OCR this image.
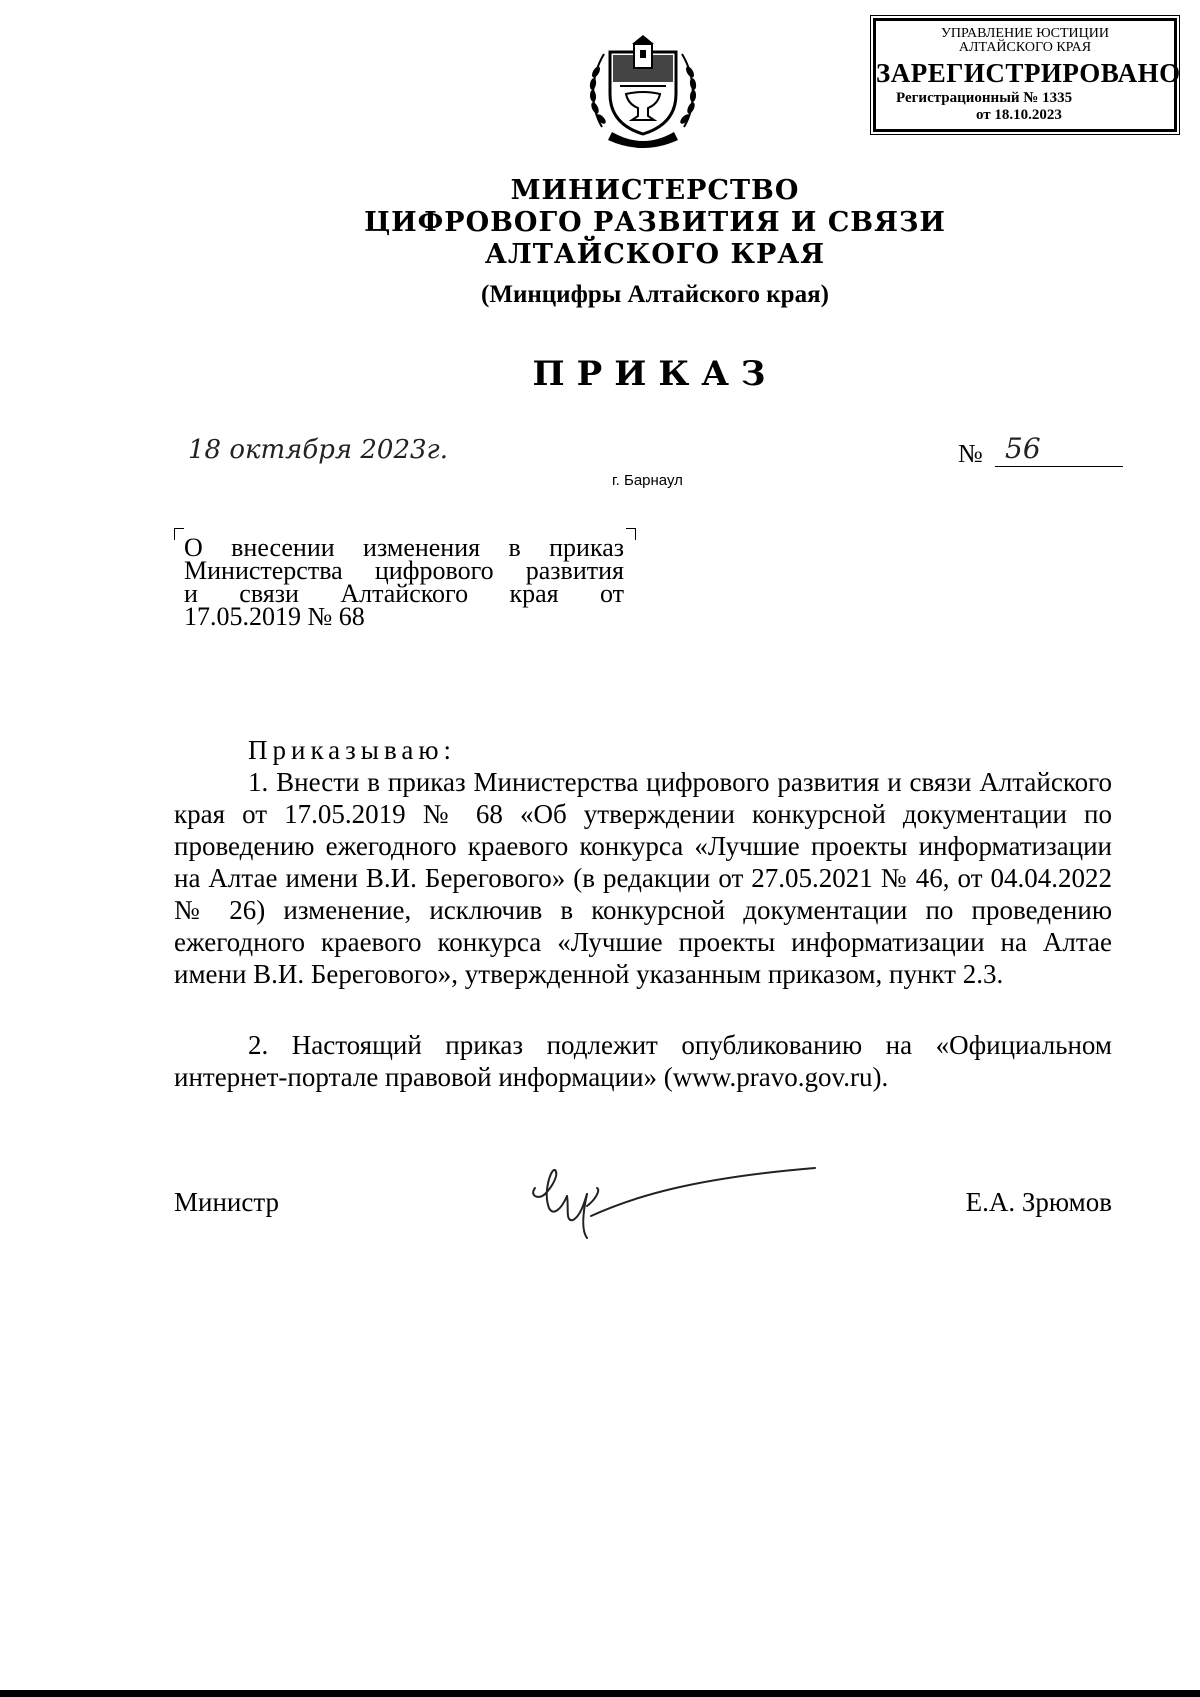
УПРАВЛЕНИЕ ЮСТИЦИИ
АЛТАЙСКОГО КРАЯ
ЗАРЕГИСТРИРОВАНО
Регистрационный № 1335
от 18.10.2023
МИНИСТЕРСТВО
ЦИФРОВОГО РАЗВИТИЯ И СВЯЗИ
АЛТАЙСКОГО КРАЯ
(Минцифры Алтайского края)
ПРИКАЗ
18 октября 2023г.	№ 56
г. Барнаул
О внесении изменения в приказ
Министерства цифрового развития
и связи Алтайского края от
17.05.2019 № 68
Приказываю:

1. Внести в приказ Министерства цифрового развития и связи Алтайского края от 17.05.2019 № 68 «Об утверждении конкурсной документации по проведению ежегодного краевого конкурса «Лучшие проекты информатизации на Алтае имени В.И. Берегового» (в редакции от 27.05.2021 № 46, от 04.04.2022 № 26) изменение, исключив в конкурсной документации по проведению ежегодного краевого конкурса «Лучшие проекты информатизации на Алтае имени В.И. Берегового», утвержденной указанным приказом, пункт 2.3.

2. Настоящий приказ подлежит опубликованию на «Официальном интернет-портале правовой информации» (www.pravo.gov.ru).

Министр	Е.А. Зрюмов
